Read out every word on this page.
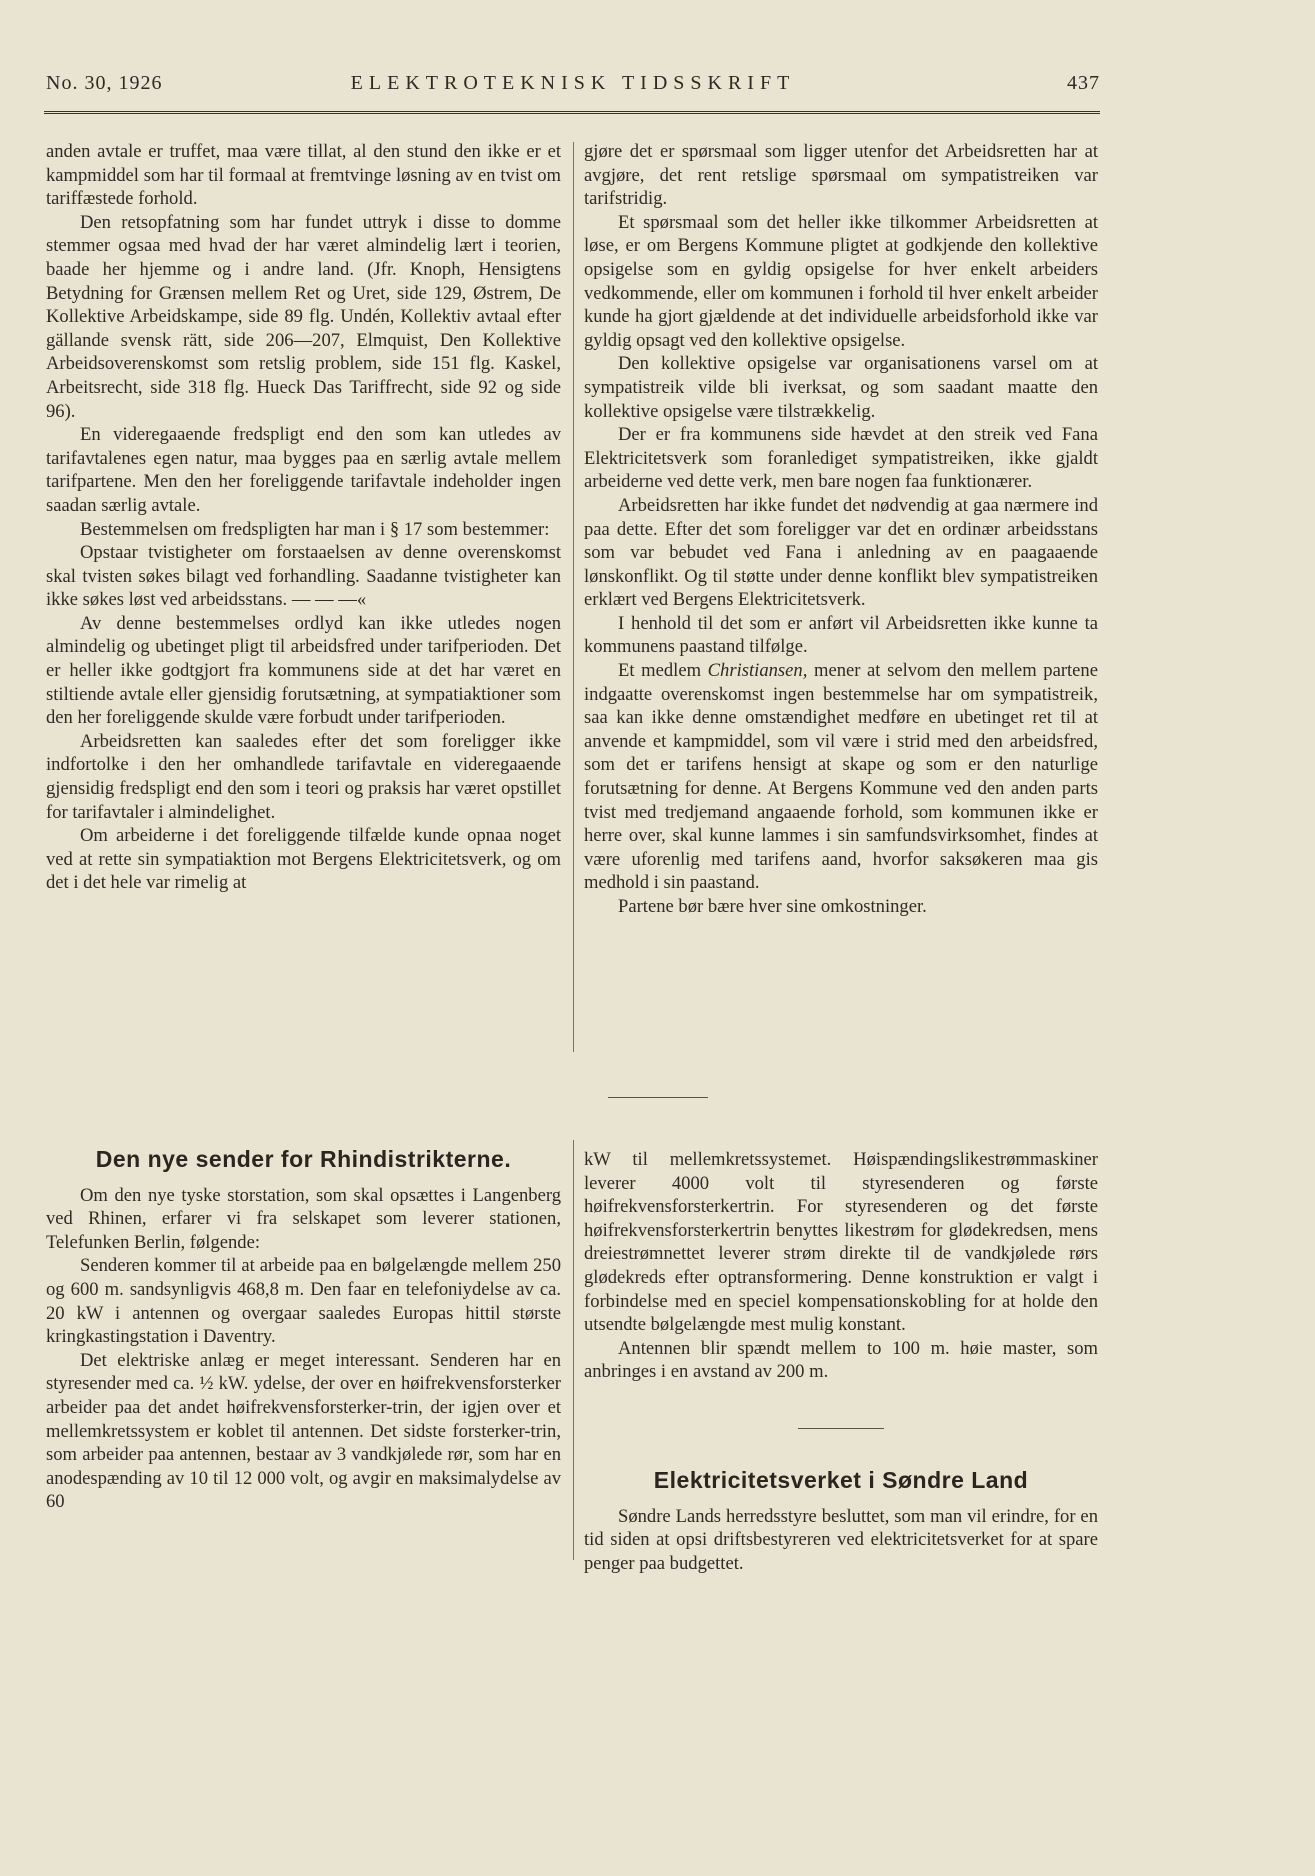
No. 30, 1926	ELEKTROTEKNISK TIDSSKRIFT	437

anden avtale er truffet, maa være tillat, al den stund den ikke er et kampmiddel som har til formaal at fremtvinge løsning av en tvist om tariffæstede forhold.

Den retsopfatning som har fundet uttryk i disse to domme stemmer ogsaa med hvad der har været almindelig lært i teorien, baade her hjemme og i andre land. (Jfr. Knoph, Hensigtens Betydning for Grænsen mellem Ret og Uret, side 129, Østrem, De Kollektive Arbeidskampe, side 89 flg. Undén, Kollektiv avtaal efter gällande svensk rätt, side 206—207, Elmquist, Den Kollektive Arbeidsoverenskomst som retslig problem, side 151 flg. Kaskel, Arbeitsrecht, side 318 flg. Hueck Das Tariffrecht, side 92 og side 96).

En videregaaende fredspligt end den som kan utledes av tarifavtalenes egen natur, maa bygges paa en særlig avtale mellem tarifpartene. Men den her foreliggende tarifavtale indeholder ingen saadan særlig avtale.

Bestemmelsen om fredspligten har man i § 17 som bestemmer:

Opstaar tvistigheter om forstaaelsen av denne overenskomst skal tvisten søkes bilagt ved forhandling. Saadanne tvistigheter kan ikke søkes løst ved arbeidsstans. — — —«

Av denne bestemmelses ordlyd kan ikke utledes nogen almindelig og ubetinget pligt til arbeidsfred under tarifperioden. Det er heller ikke godtgjort fra kommunens side at det har været en stiltiende avtale eller gjensidig forutsætning, at sympatiaktioner som den her foreliggende skulde være forbudt under tarifperioden.

Arbeidsretten kan saaledes efter det som foreligger ikke indfortolke i den her omhandlede tarifavtale en videregaaende gjensidig fredspligt end den som i teori og praksis har været opstillet for tarifavtaler i almindelighet.

Om arbeiderne i det foreliggende tilfælde kunde opnaa noget ved at rette sin sympatiaktion mot Bergens Elektricitetsverk, og om det i det hele var rimelig at

gjøre det er spørsmaal som ligger utenfor det Arbeidsretten har at avgjøre, det rent retslige spørsmaal om sympatistreiken var tarifstridig.

Et spørsmaal som det heller ikke tilkommer Arbeidsretten at løse, er om Bergens Kommune pligtet at godkjende den kollektive opsigelse som en gyldig opsigelse for hver enkelt arbeiders vedkommende, eller om kommunen i forhold til hver enkelt arbeider kunde ha gjort gjældende at det individuelle arbeidsforhold ikke var gyldig opsagt ved den kollektive opsigelse.

Den kollektive opsigelse var organisationens varsel om at sympatistreik vilde bli iverksat, og som saadant maatte den kollektive opsigelse være tilstrækkelig.

Der er fra kommunens side hævdet at den streik ved Fana Elektricitetsverk som foranlediget sympatistreiken, ikke gjaldt arbeiderne ved dette verk, men bare nogen faa funktionærer.

Arbeidsretten har ikke fundet det nødvendig at gaa nærmere ind paa dette. Efter det som foreligger var det en ordinær arbeidsstans som var bebudet ved Fana i anledning av en paagaaende lønskonflikt. Og til støtte under denne konflikt blev sympatistreiken erklært ved Bergens Elektricitetsverk.

I henhold til det som er anført vil Arbeidsretten ikke kunne ta kommunens paastand tilfølge.

Et medlem Christiansen, mener at selvom den mellem partene indgaatte overenskomst ingen bestemmelse har om sympatistreik, saa kan ikke denne omstændighet medføre en ubetinget ret til at anvende et kampmiddel, som vil være i strid med den arbeidsfred, som det er tarifens hensigt at skape og som er den naturlige forutsætning for denne. At Bergens Kommune ved den anden parts tvist med tredjemand angaaende forhold, som kommunen ikke er herre over, skal kunne lammes i sin samfundsvirksomhet, findes at være uforenlig med tarifens aand, hvorfor saksøkeren maa gis medhold i sin paastand.

Partene bør bære hver sine omkostninger.

Den nye sender for Rhindistrikterne.

Om den nye tyske storstation, som skal opsættes i Langenberg ved Rhinen, erfarer vi fra selskapet som leverer stationen, Telefunken Berlin, følgende:

Senderen kommer til at arbeide paa en bølgelængde mellem 250 og 600 m. sandsynligvis 468,8 m. Den faar en telefoniydelse av ca. 20 kW i antennen og overgaar saaledes Europas hittil største kringkastingstation i Daventry.

Det elektriske anlæg er meget interessant. Senderen har en styresender med ca. ½ kW. ydelse, der over en høifrekvensforsterker arbeider paa det andet høifrekvensforsterker-trin, der igjen over et mellemkretssystem er koblet til antennen. Det sidste forsterker-trin, som arbeider paa antennen, bestaar av 3 vandkjølede rør, som har en anodespænding av 10 til 12 000 volt, og avgir en maksimalydelse av 60

kW til mellemkretssystemet. Høispændingslikestrømmaskiner leverer 4000 volt til styresenderen og første høifrekvensforsterkertrin. For styresenderen og det første høifrekvensforsterkertrin benyttes likestrøm for glødekredsen, mens dreiestrømnettet leverer strøm direkte til de vandkjølede rørs glødekreds efter optransformering. Denne konstruktion er valgt i forbindelse med en speciel kompensationskobling for at holde den utsendte bølgelængde mest mulig konstant.

Antennen blir spændt mellem to 100 m. høie master, som anbringes i en avstand av 200 m.

Elektricitetsverket i Søndre Land

Søndre Lands herredsstyre besluttet, som man vil erindre, for en tid siden at opsi driftsbestyreren ved elektricitetsverket for at spare penger paa budgettet.
